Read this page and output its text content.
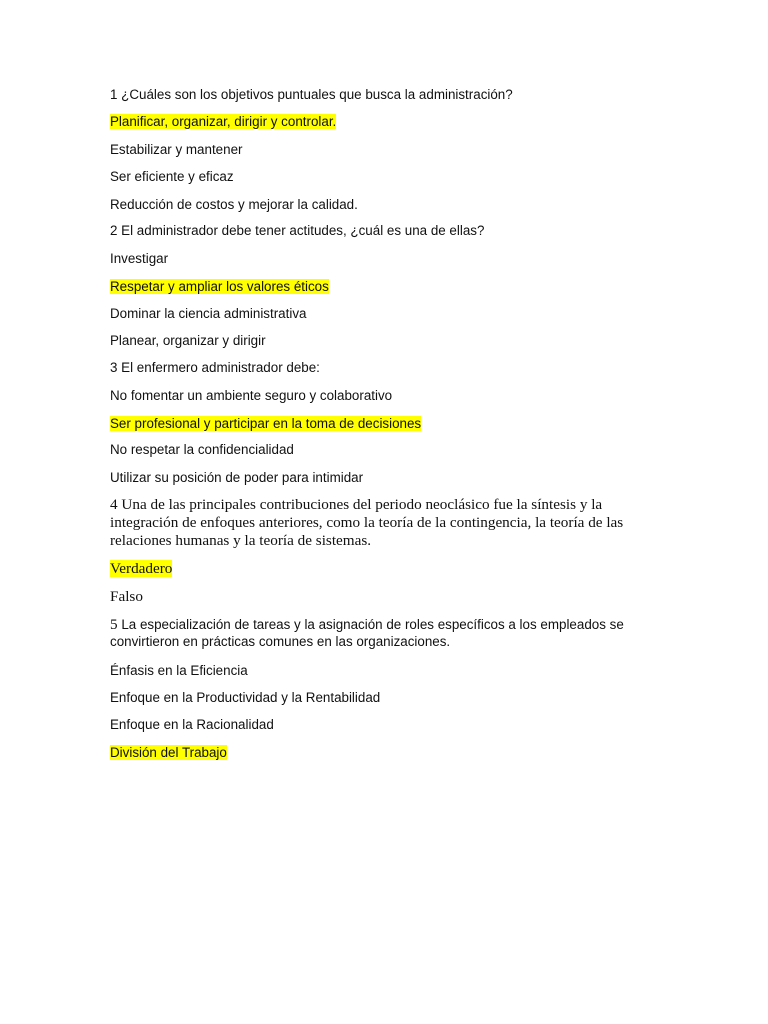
1 ¿Cuáles son los objetivos puntuales que busca la administración?
Planificar, organizar, dirigir y controlar.
Estabilizar y mantener
Ser eficiente y eficaz
Reducción de costos y mejorar la calidad.
2 El administrador debe tener actitudes, ¿cuál es una de ellas?
Investigar
Respetar y ampliar los valores éticos
Dominar la ciencia administrativa
Planear, organizar y dirigir
3 El enfermero administrador debe:
No fomentar un ambiente seguro y colaborativo
Ser profesional y participar en la toma de decisiones
No respetar la confidencialidad
Utilizar su posición de poder para intimidar
4 Una de las principales contribuciones del periodo neoclásico fue la síntesis y la integración de enfoques anteriores, como la teoría de la contingencia, la teoría de las relaciones humanas y la teoría de sistemas.
Verdadero
Falso
5 La especialización de tareas y la asignación de roles específicos a los empleados se convirtieron en prácticas comunes en las organizaciones.
Énfasis en la Eficiencia
Enfoque en la Productividad y la Rentabilidad
Enfoque en la Racionalidad
División del Trabajo
